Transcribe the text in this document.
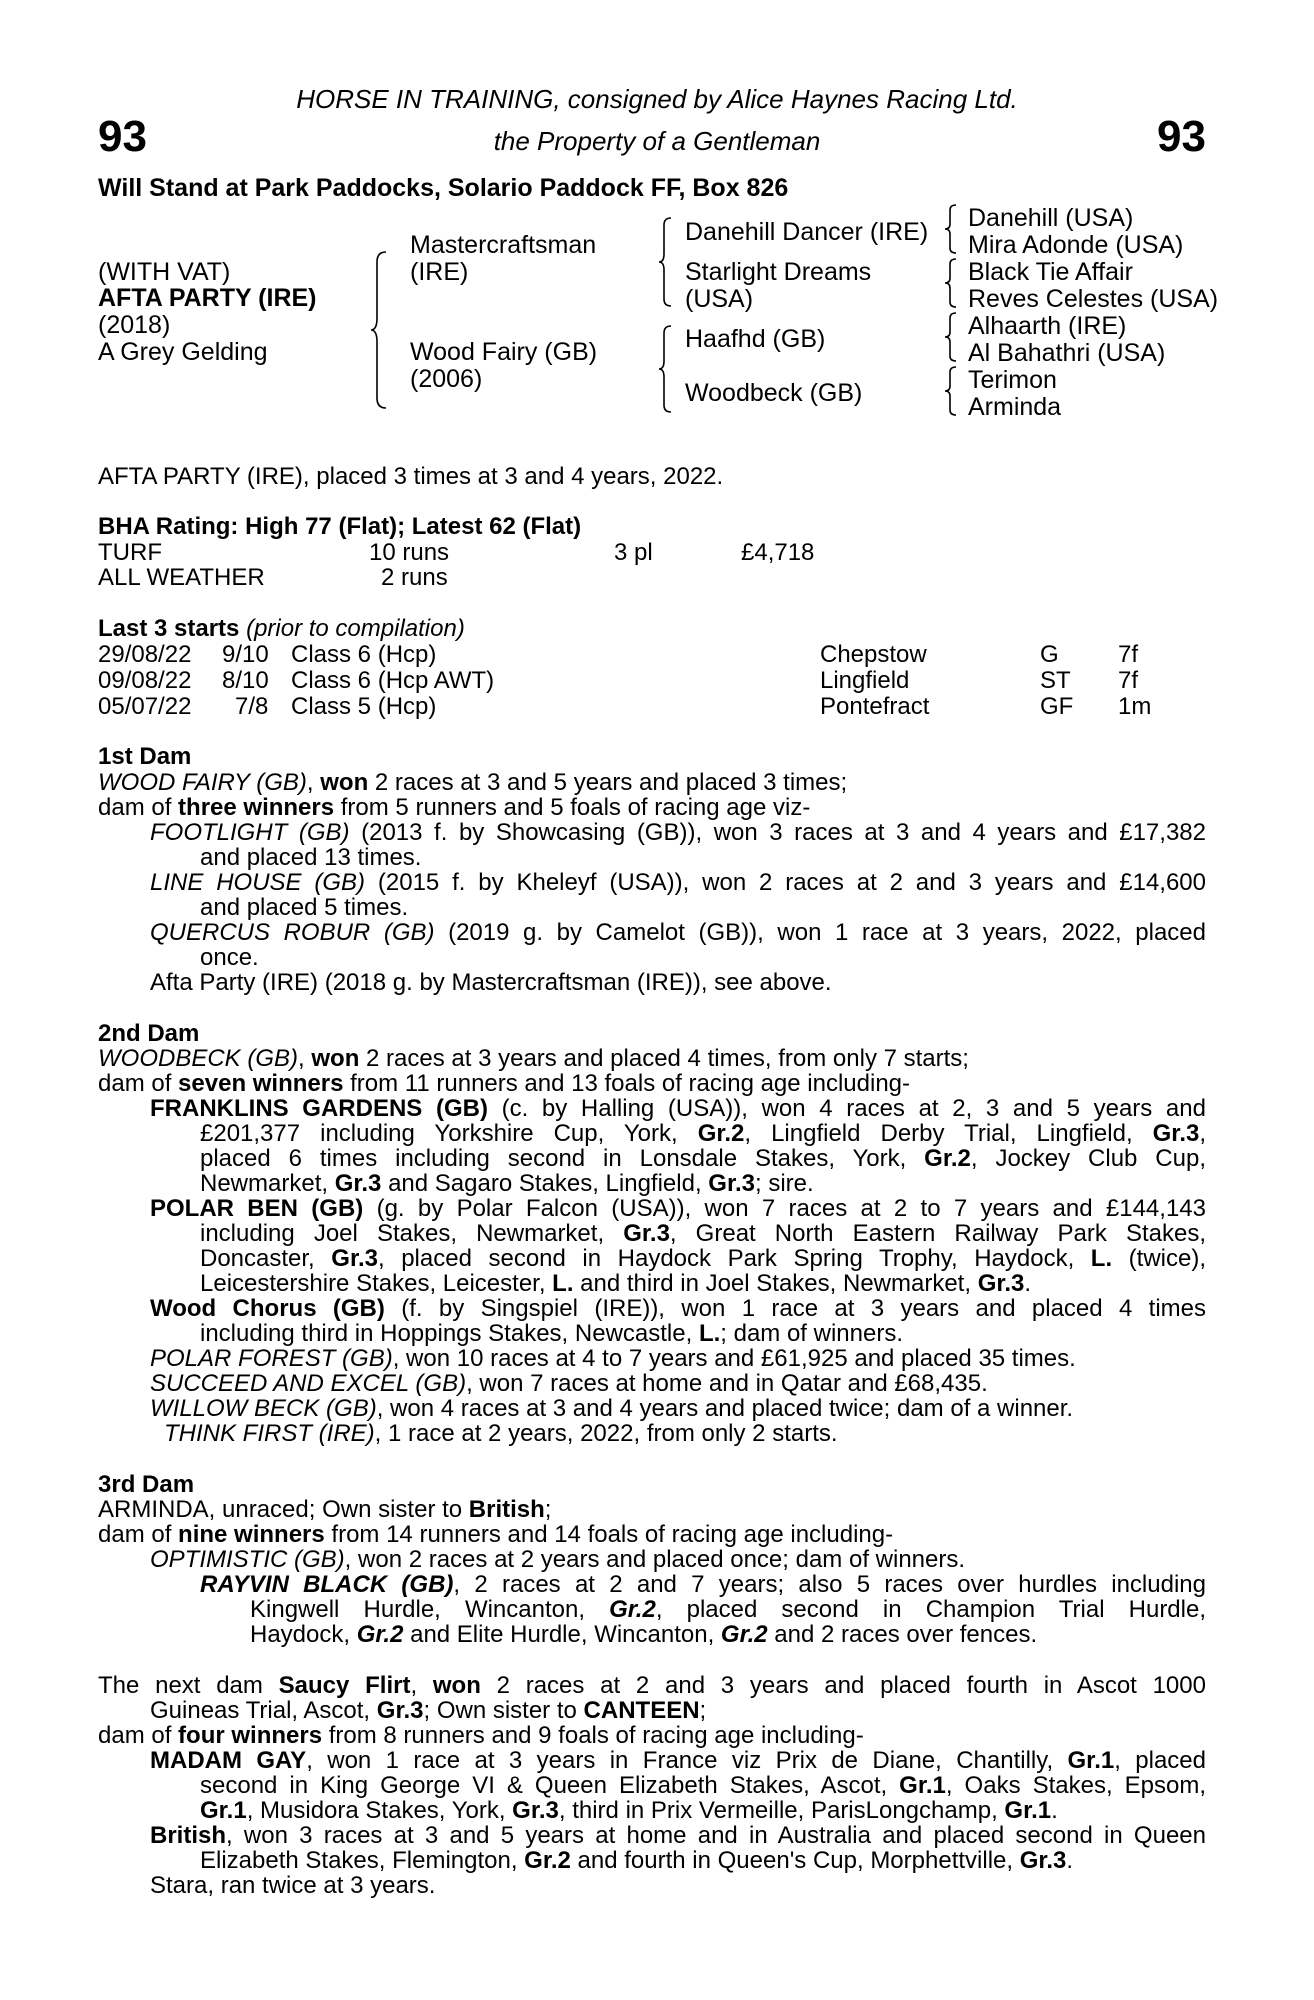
93	93
HORSE IN TRAINING, consigned by Alice Haynes Racing Ltd.
the Property of a Gentleman
Will Stand at Park Paddocks, Solario Paddock FF, Box 826
(WITH VAT)
AFTA PARTY (IRE)
(2018)
A Grey Gelding
Mastercraftsman
(IRE)
Wood Fairy (GB)
(2006)
Danehill Dancer (IRE)
Starlight Dreams
(USA)
Haafhd (GB)
Woodbeck (GB)
Danehill (USA)
Mira Adonde (USA)
Black Tie Affair
Reves Celestes (USA)
Alhaarth (IRE)
Al Bahathri (USA)
Terimon
Arminda
AFTA PARTY (IRE), placed 3 times at 3 and 4 years, 2022.
BHA Rating: High 77 (Flat); Latest 62 (Flat)
TURF	10 runs	3 pl	£4,718
ALL WEATHER	2 runs
Last 3 starts (prior to compilation)
29/08/22 9/10 Class 6 (Hcp)	Chepstow	G 7f
09/08/22 8/10 Class 6 (Hcp AWT)	Lingfield	ST 7f
05/07/22 7/8 Class 5 (Hcp)	Pontefract	GF 1m
1st Dam
WOOD FAIRY (GB), won 2 races at 3 and 5 years and placed 3 times;
dam of three winners from 5 runners and 5 foals of racing age viz-
FOOTLIGHT (GB) (2013 f. by Showcasing (GB)), won 3 races at 3 and 4 years and £17,382
and placed 13 times.
LINE HOUSE (GB) (2015 f. by Kheleyf (USA)), won 2 races at 2 and 3 years and £14,600
and placed 5 times.
QUERCUS ROBUR (GB) (2019 g. by Camelot (GB)), won 1 race at 3 years, 2022, placed
once.
Afta Party (IRE) (2018 g. by Mastercraftsman (IRE)), see above.
2nd Dam
WOODBECK (GB), won 2 races at 3 years and placed 4 times, from only 7 starts;
dam of seven winners from 11 runners and 13 foals of racing age including-
FRANKLINS GARDENS (GB) (c. by Halling (USA)), won 4 races at 2, 3 and 5 years and
£201,377 including Yorkshire Cup, York, Gr.2, Lingfield Derby Trial, Lingfield, Gr.3,
placed 6 times including second in Lonsdale Stakes, York, Gr.2, Jockey Club Cup,
Newmarket, Gr.3 and Sagaro Stakes, Lingfield, Gr.3; sire.
POLAR BEN (GB) (g. by Polar Falcon (USA)), won 7 races at 2 to 7 years and £144,143
including Joel Stakes, Newmarket, Gr.3, Great North Eastern Railway Park Stakes,
Doncaster, Gr.3, placed second in Haydock Park Spring Trophy, Haydock, L. (twice),
Leicestershire Stakes, Leicester, L. and third in Joel Stakes, Newmarket, Gr.3.
Wood Chorus (GB) (f. by Singspiel (IRE)), won 1 race at 3 years and placed 4 times
including third in Hoppings Stakes, Newcastle, L.; dam of winners.
POLAR FOREST (GB), won 10 races at 4 to 7 years and £61,925 and placed 35 times.
SUCCEED AND EXCEL (GB), won 7 races at home and in Qatar and £68,435.
WILLOW BECK (GB), won 4 races at 3 and 4 years and placed twice; dam of a winner.
THINK FIRST (IRE), 1 race at 2 years, 2022, from only 2 starts.
3rd Dam
ARMINDA, unraced; Own sister to British;
dam of nine winners from 14 runners and 14 foals of racing age including-
OPTIMISTIC (GB), won 2 races at 2 years and placed once; dam of winners.
RAYVIN BLACK (GB), 2 races at 2 and 7 years; also 5 races over hurdles including
Kingwell Hurdle, Wincanton, Gr.2, placed second in Champion Trial Hurdle,
Haydock, Gr.2 and Elite Hurdle, Wincanton, Gr.2 and 2 races over fences.
The next dam Saucy Flirt, won 2 races at 2 and 3 years and placed fourth in Ascot 1000
Guineas Trial, Ascot, Gr.3; Own sister to CANTEEN;
dam of four winners from 8 runners and 9 foals of racing age including-
MADAM GAY, won 1 race at 3 years in France viz Prix de Diane, Chantilly, Gr.1, placed
second in King George VI & Queen Elizabeth Stakes, Ascot, Gr.1, Oaks Stakes, Epsom,
Gr.1, Musidora Stakes, York, Gr.3, third in Prix Vermeille, ParisLongchamp, Gr.1.
British, won 3 races at 3 and 5 years at home and in Australia and placed second in Queen
Elizabeth Stakes, Flemington, Gr.2 and fourth in Queen's Cup, Morphettville, Gr.3.
Stara, ran twice at 3 years.
